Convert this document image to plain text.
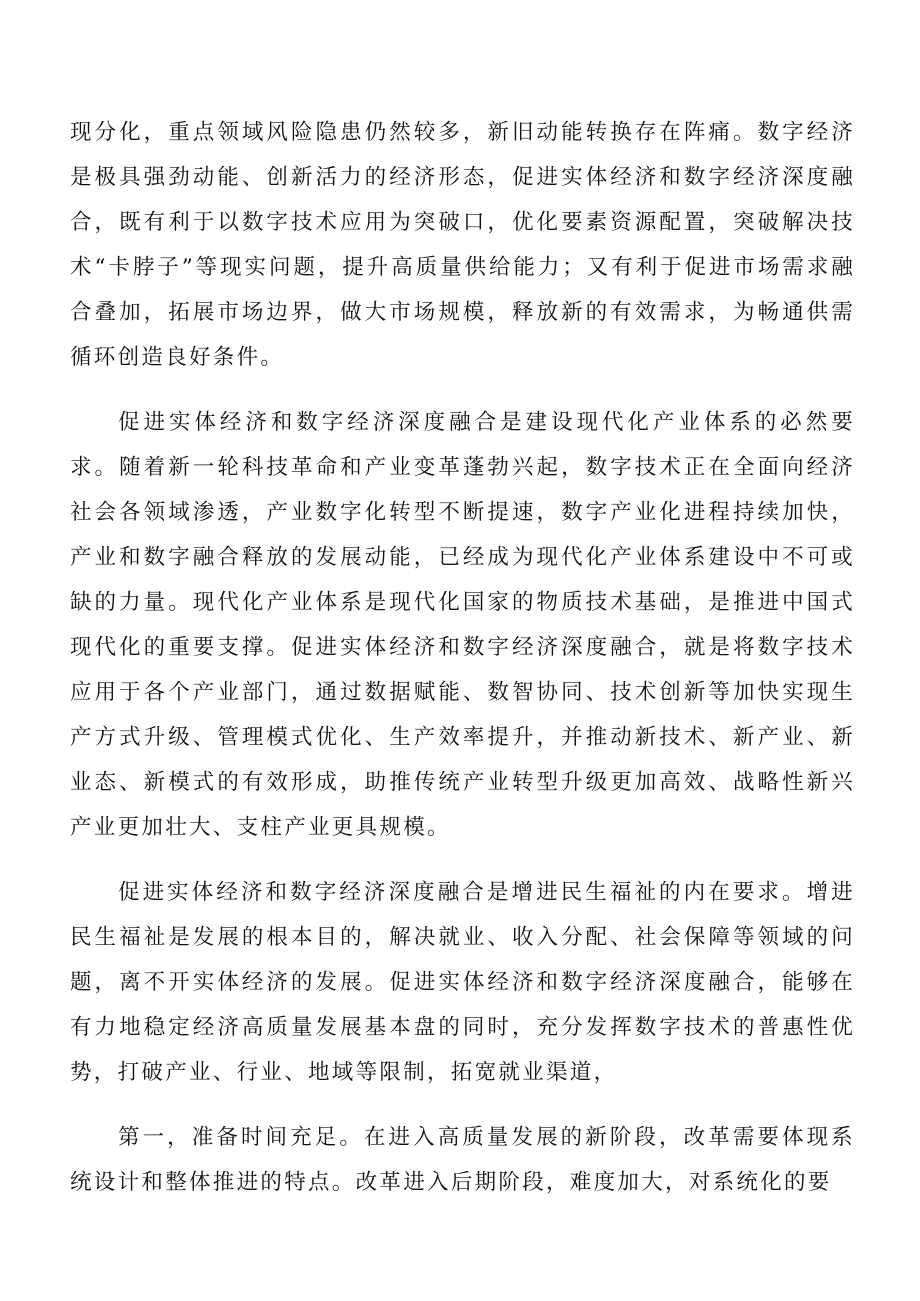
现分化，重点领域风险隐患仍然较多，新旧动能转换存在阵痛。数字经济是极具强劲动能、创新活力的经济形态，促进实体经济和数字经济深度融合，既有利于以数字技术应用为突破口，优化要素资源配置，突破解决技术“卡脖子”等现实问题，提升高质量供给能力；又有利于促进市场需求融合叠加，拓展市场边界，做大市场规模，释放新的有效需求，为畅通供需循环创造良好条件。

促进实体经济和数字经济深度融合是建设现代化产业体系的必然要求。随着新一轮科技革命和产业变革蓬勃兴起，数字技术正在全面向经济社会各领域渗透，产业数字化转型不断提速，数字产业化进程持续加快，产业和数字融合释放的发展动能，已经成为现代化产业体系建设中不可或缺的力量。现代化产业体系是现代化国家的物质技术基础，是推进中国式现代化的重要支撑。促进实体经济和数字经济深度融合，就是将数字技术应用于各个产业部门，通过数据赋能、数智协同、技术创新等加快实现生产方式升级、管理模式优化、生产效率提升，并推动新技术、新产业、新业态、新模式的有效形成，助推传统产业转型升级更加高效、战略性新兴产业更加壮大、支柱产业更具规模。

促进实体经济和数字经济深度融合是增进民生福祉的内在要求。增进民生福祉是发展的根本目的，解决就业、收入分配、社会保障等领域的问题，离不开实体经济的发展。促进实体经济和数字经济深度融合，能够在有力地稳定经济高质量发展基本盘的同时，充分发挥数字技术的普惠性优势，打破产业、行业、地域等限制，拓宽就业渠道，

第一，准备时间充足。在进入高质量发展的新阶段，改革需要体现系统设计和整体推进的特点。改革进入后期阶段，难度加大，对系统化的要
